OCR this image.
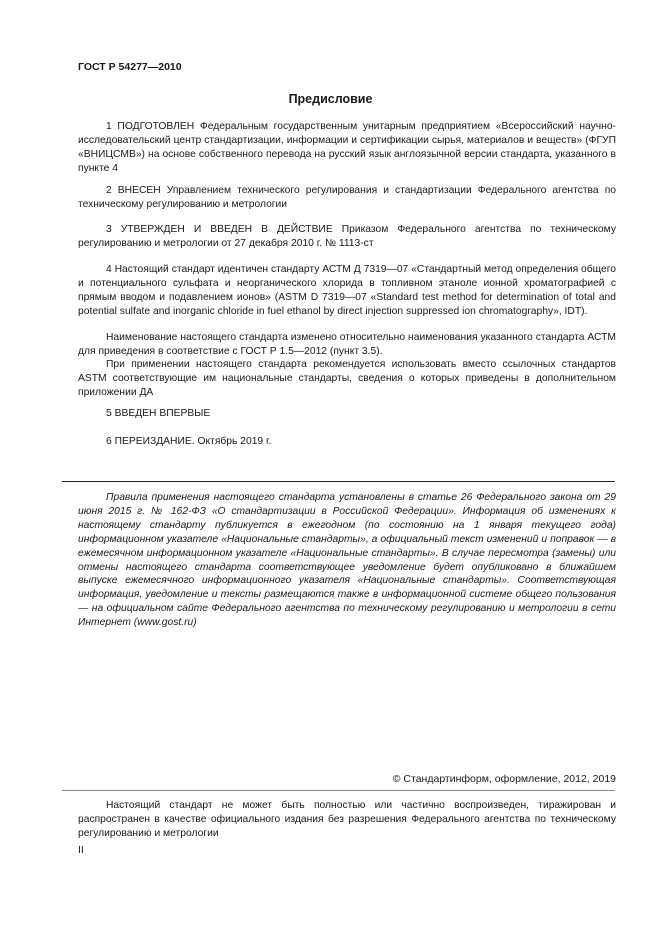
ГОСТ Р 54277—2010
Предисловие

1 ПОДГОТОВЛЕН Федеральным государственным унитарным предприятием «Всероссийский научно-исследовательский центр стандартизации, информации и сертификации сырья, материалов и веществ» (ФГУП «ВНИЦСМВ») на основе собственного перевода на русский язык англоязычной версии стандарта, указанного в пункте 4

2 ВНЕСЕН Управлением технического регулирования и стандартизации Федерального агентства по техническому регулированию и метрологии

3 УТВЕРЖДЕН И ВВЕДЕН В ДЕЙСТВИЕ Приказом Федерального агентства по техническому регулированию и метрологии от 27 декабря 2010 г. № 1113-ст

4 Настоящий стандарт идентичен стандарту АСТМ Д 7319—07 «Стандартный метод определения общего и потенциального сульфата и неорганического хлорида в топливном этаноле ионной хроматографией с прямым вводом и подавлением ионов» (ASTM D 7319—07 «Standard test method for determination of total and potential sulfate and inorganic chloride in fuel ethanol by direct injection suppressed ion chromatography», IDT).

Наименование настоящего стандарта изменено относительно наименования указанного стандарта АСТМ для приведения в соответствие с ГОСТ Р 1.5—2012 (пункт 3.5).

При применении настоящего стандарта рекомендуется использовать вместо ссылочных стандартов ASTM соответствующие им национальные стандарты, сведения о которых приведены в дополнительном приложении ДА

5 ВВЕДЕН ВПЕРВЫЕ

6 ПЕРЕИЗДАНИЕ. Октябрь 2019 г.

Правила применения настоящего стандарта установлены в статье 26 Федерального закона от 29 июня 2015 г. № 162-ФЗ «О стандартизации в Российской Федерации». Информация об изменениях к настоящему стандарту публикуется в ежегодном (по состоянию на 1 января текущего года) информационном указателе «Национальные стандарты», а официальный текст изменений и поправок — в ежемесячном информационном указателе «Национальные стандарты». В случае пересмотра (замены) или отмены настоящего стандарта соответствующее уведомление будет опубликовано в ближайшем выпуске ежемесячного информационного указателя «Национальные стандарты». Соответствующая информация, уведомление и тексты размещаются также в информационной системе общего пользования — на официальном сайте Федерального агентства по техническому регулированию и метрологии в сети Интернет (www.gost.ru)

© Стандартинформ, оформление, 2012, 2019

Настоящий стандарт не может быть полностью или частично воспроизведен, тиражирован и распространен в качестве официального издания без разрешения Федерального агентства по техническому регулированию и метрологии

II
